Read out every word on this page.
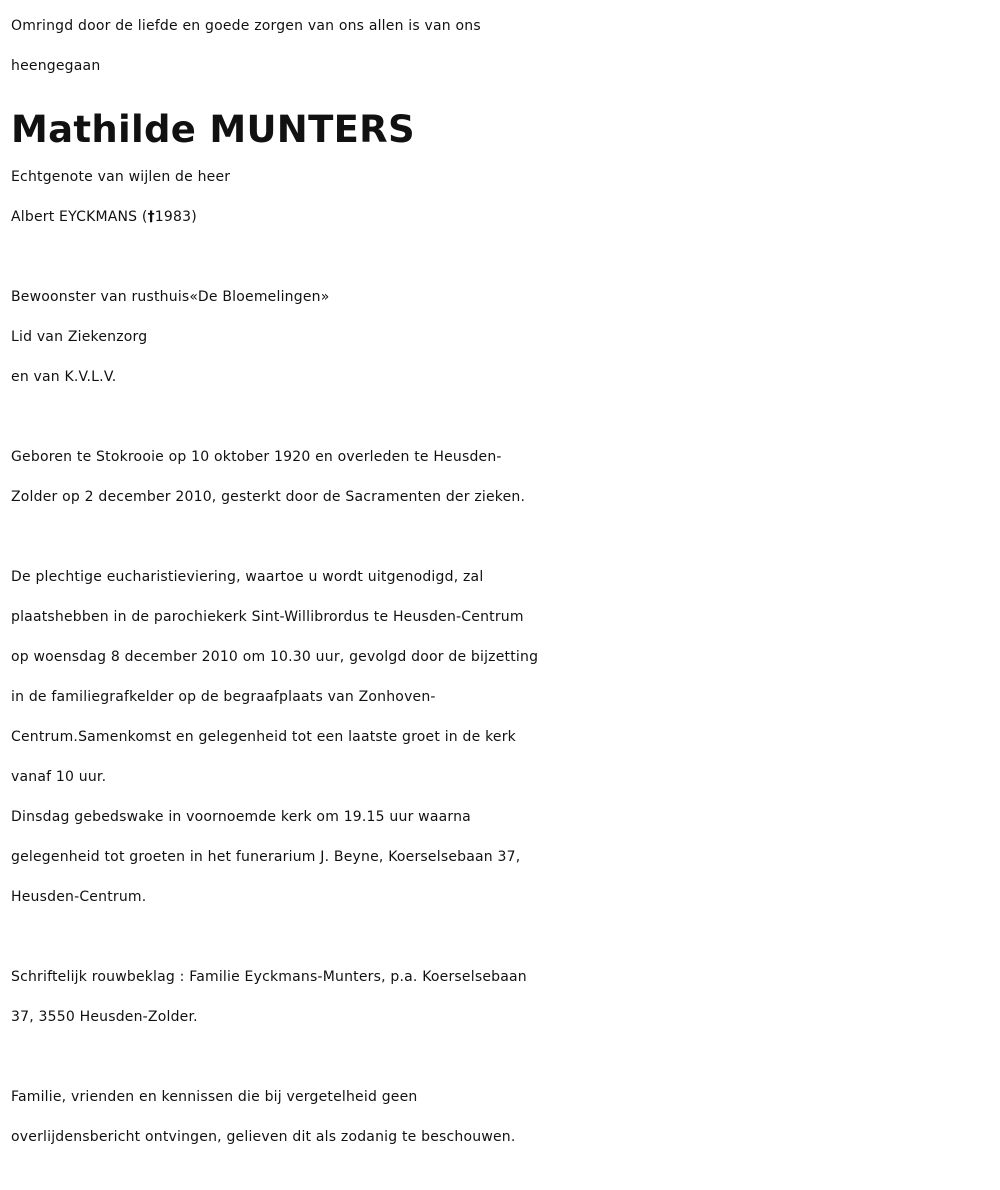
Omringd door de liefde en goede zorgen van ons allen is van ons
heengegaan
Mathilde MUNTERS
Echtgenote van wijlen de heer
Albert EYCKMANS (†1983)
Bewoonster van rusthuis«De Bloemelingen»
Lid van Ziekenzorg
en van K.V.L.V.
Geboren te Stokrooie op 10 oktober 1920 en overleden te Heusden-
Zolder op 2 december 2010, gesterkt door de Sacramenten der zieken.
De plechtige eucharistieviering, waartoe u wordt uitgenodigd, zal
plaatshebben in de parochiekerk Sint-Willibrordus te Heusden-Centrum
op woensdag 8 december 2010 om 10.30 uur, gevolgd door de bijzetting
in de familiegrafkelder op de begraafplaats van Zonhoven-
Centrum.Samenkomst en gelegenheid tot een laatste groet in de kerk
vanaf 10 uur.
Dinsdag gebedswake in voornoemde kerk om 19.15 uur waarna
gelegenheid tot groeten in het funerarium J. Beyne, Koerselsebaan 37,
Heusden-Centrum.
Schriftelijk rouwbeklag : Familie Eyckmans-Munters, p.a. Koerselsebaan
37, 3550 Heusden-Zolder.
Familie, vrienden en kennissen die bij vergetelheid geen
overlijdensbericht ontvingen, gelieven dit als zodanig te beschouwen.
